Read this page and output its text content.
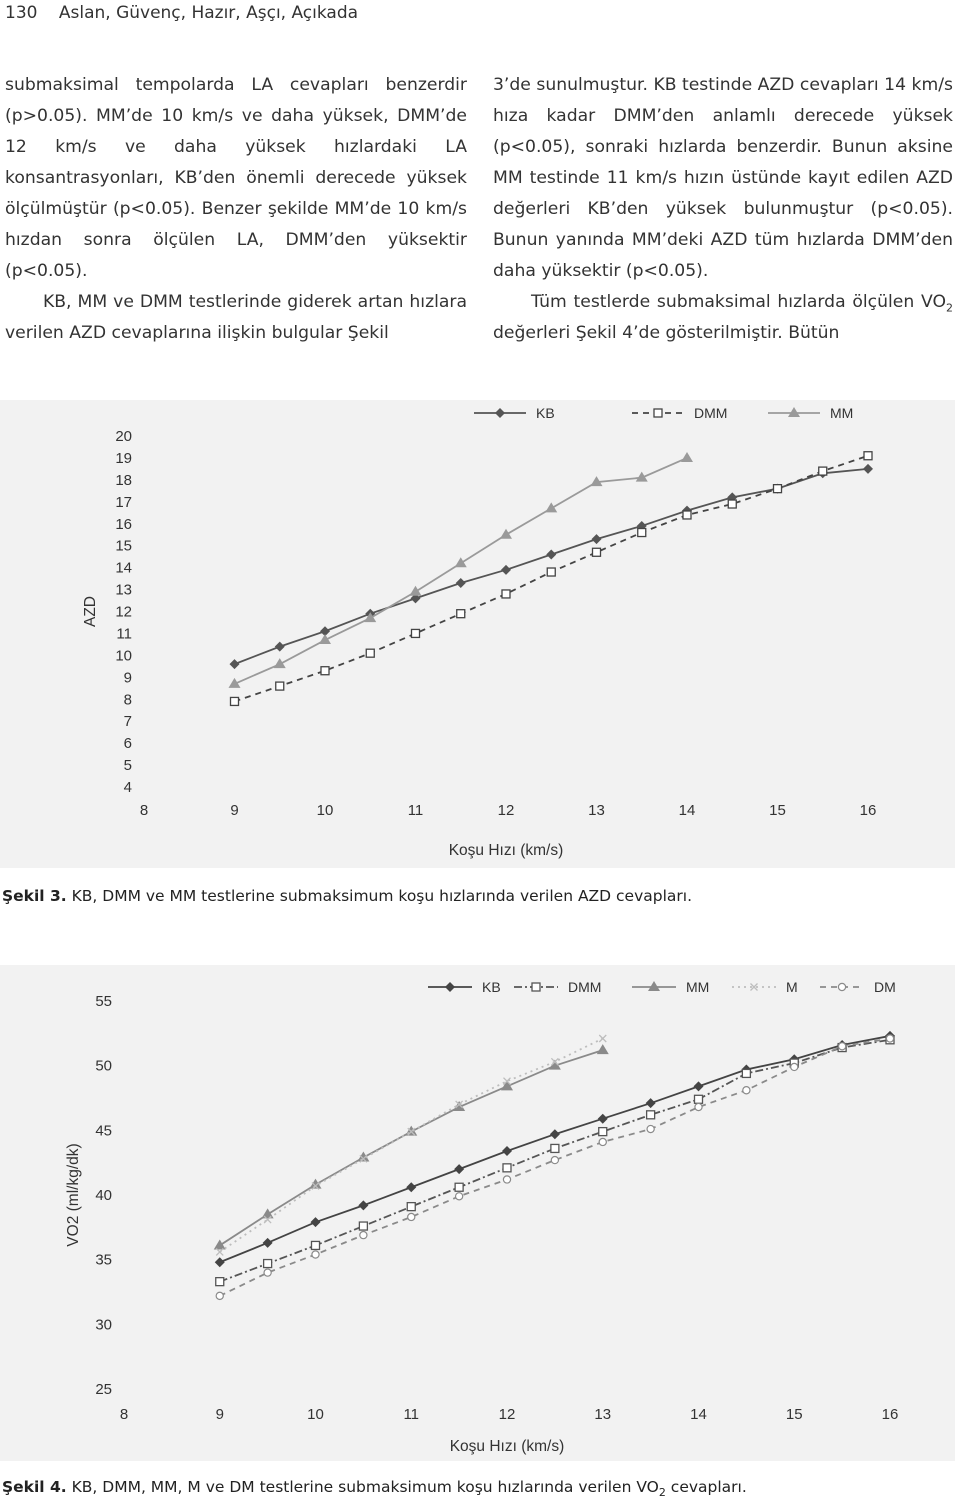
130 Aslan, Güvenç, Hazır, Aşçı, Açıkada

submaksimal tempolarda LA cevapları benzerdir (p>0.05). MM’de 10 km/s ve daha yüksek, DMM’de 12 km/s ve daha yüksek hızlardaki LA konsantrasyonları, KB’den önemli derecede yüksek ölçülmüştür (p<0.05). Benzer şekilde MM’de 10 km/s hızdan sonra ölçülen LA, DMM’den yüksektir (p<0.05).

KB, MM ve DMM testlerinde giderek artan hızlara verilen AZD cevaplarına ilişkin bulgular Şekil

3’de sunulmuştur. KB testinde AZD cevapları 14 km/s hıza kadar DMM’den anlamlı derecede yüksek (p<0.05), sonraki hızlarda benzerdir. Bunun aksine MM testinde 11 km/s hızın üstünde kayıt edilen AZD değerleri KB’den yüksek bulunmuştur (p<0.05). Bunun yanında MM’deki AZD tüm hızlarda DMM’den daha yüksektir (p<0.05).

Tüm testlerde submaksimal hızlarda ölçülen $VO_2$ değerleri Şekil 4’de gösterilmiştir. Bütün

KB	DMM	MM
4
5
6
7
8
9
10
11
12
13
14
15
16
17
18
19
20
8	9	10	11	12	13	14	15	16
Koşu Hızı (km/s)
AZD
Şekil 3. KB, DMM ve MM testlerine submaksimum koşu hızlarında verilen AZD cevapları.
KB	DMM	MM	M	DM
25
30
35
40
45
50
55
8	9	10	11	12	13	14	15	16
Koşu Hızı (km/s)
VO2 (ml/kg/dk)
Şekil 4. KB, DMM, MM, M ve DM testlerine submaksimum koşu hızlarında verilen $VO_2$ cevapları.
